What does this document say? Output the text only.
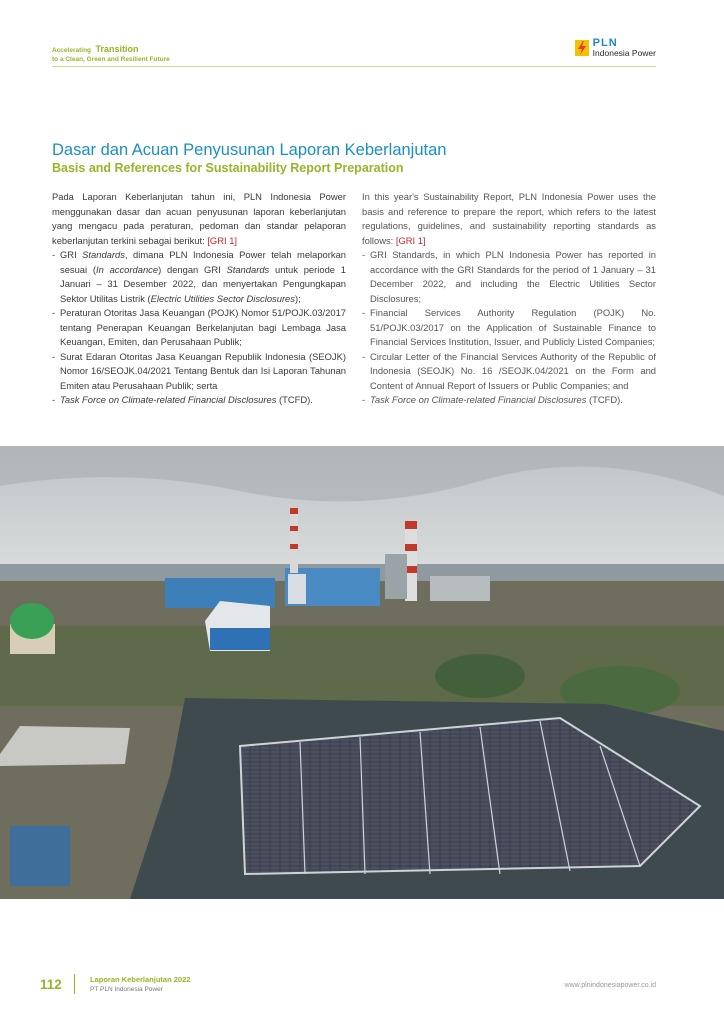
Accelerating Transition
to a Clean, Green and Resilient Future
PLN
Indonesia Power
Dasar dan Acuan Penyusunan Laporan Keberlanjutan
Basis and References for Sustainability Report Preparation

Pada Laporan Keberlanjutan tahun ini, PLN Indonesia Power menggunakan dasar dan acuan penyusunan laporan keberlanjutan yang mengacu pada peraturan, pedoman dan standar pelaporan keberlanjutan terkini sebagai berikut: [GRI 1]

- GRI Standards, dimana PLN Indonesia Power telah melaporkan sesuai (In accordance) dengan GRI Standards untuk periode 1 Januari – 31 Desember 2022, dan menyertakan Pengungkapan Sektor Utilitas Listrik (Electric Utilities Sector Disclosures);
- Peraturan Otoritas Jasa Keuangan (POJK) Nomor 51/POJK.03/2017 tentang Penerapan Keuangan Berkelanjutan bagi Lembaga Jasa Keuangan, Emiten, dan Perusahaan Publik;
- Surat Edaran Otoritas Jasa Keuangan Republik Indonesia (SEOJK) Nomor 16/SEOJK.04/2021 Tentang Bentuk dan Isi Laporan Tahunan Emiten atau Perusahaan Publik; serta
- Task Force on Climate-related Financial Disclosures (TCFD).

In this year's Sustainability Report, PLN Indonesia Power uses the basis and reference to prepare the report, which refers to the latest regulations, guidelines, and sustainability reporting standards as follows: [GRI 1]

- GRI Standards, in which PLN Indonesia Power has reported in accordance with the GRI Standards for the period of 1 January – 31 December 2022, and including the Electric Utilities Sector Disclosures;
- Financial Services Authority Regulation (POJK) No. 51/POJK.03/2017 on the Application of Sustainable Finance to Financial Services Institution, Issuer, and Publicly Listed Companies;
- Circular Letter of the Financial Services Authority of the Republic of Indonesia (SEOJK) No. 16 /SEOJK.04/2021 on the Form and Content of Annual Report of Issuers or Public Companies; and
- Task Force on Climate-related Financial Disclosures (TCFD).
112	Laporan Keberlanjutan 2022
PT PLN Indonesia Power
www.plnindonesiapower.co.id
